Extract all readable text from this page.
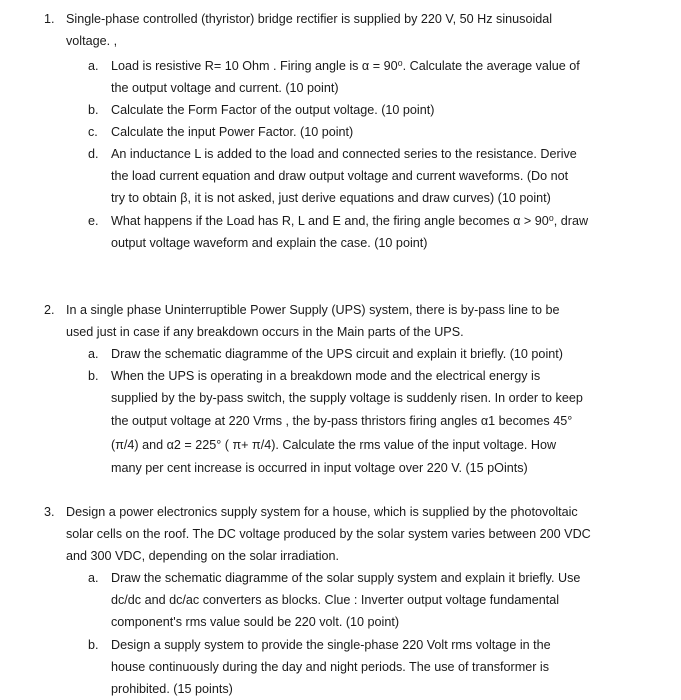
1. Single-phase controlled (thyristor) bridge rectifier is supplied by 220 V, 50 Hz sinusoidal
voltage. ,
a. Load is resistive R= 10 Ohm . Firing angle is α = 90⁰. Calculate the average value of
the output voltage and current. (10 point)
b. Calculate the Form Factor of the output voltage. (10 point)
c. Calculate the input Power Factor. (10 point)
d. An inductance L is added to the load and connected series to the resistance. Derive
the load current equation and draw output voltage and current waveforms. (Do not
try to obtain β, it is not asked, just derive equations and draw curves) (10 point)
e. What happens if the Load has R, L and E and, the firing angle becomes α > 90⁰, draw
output voltage waveform and explain the case. (10 point)
2. In a single phase Uninterruptible Power Supply (UPS) system, there is by-pass line to be
used just in case if any breakdown occurs in the Main parts of the UPS.
a. Draw the schematic diagramme of the UPS circuit and explain it briefly. (10 point)
b. When the UPS is operating in a breakdown mode and the electrical energy is
supplied by the by-pass switch, the supply voltage is suddenly risen. In order to keep
the output voltage at 220 Vrms , the by-pass thristors firing angles α1 becomes 45°
(π/4) and α2 = 225° ( π+ π/4). Calculate the rms value of the input voltage. How
many per cent increase is occurred in input voltage over 220 V. (15 pOints)
3. Design a power electronics supply system for a house, which is supplied by the photovoltaic
solar cells on the roof. The DC voltage produced by the solar system varies between 200 VDC
and 300 VDC, depending on the solar irradiation.
a. Draw the schematic diagramme of the solar supply system and explain it briefly. Use
dc/dc and dc/ac converters as blocks. Clue : Inverter output voltage fundamental
component's rms value sould be 220 volt. (10 point)
b. Design a supply system to provide the single-phase 220 Volt rms voltage in the
house continuously during the day and night periods. The use of transformer is
prohibited. (15 points)
